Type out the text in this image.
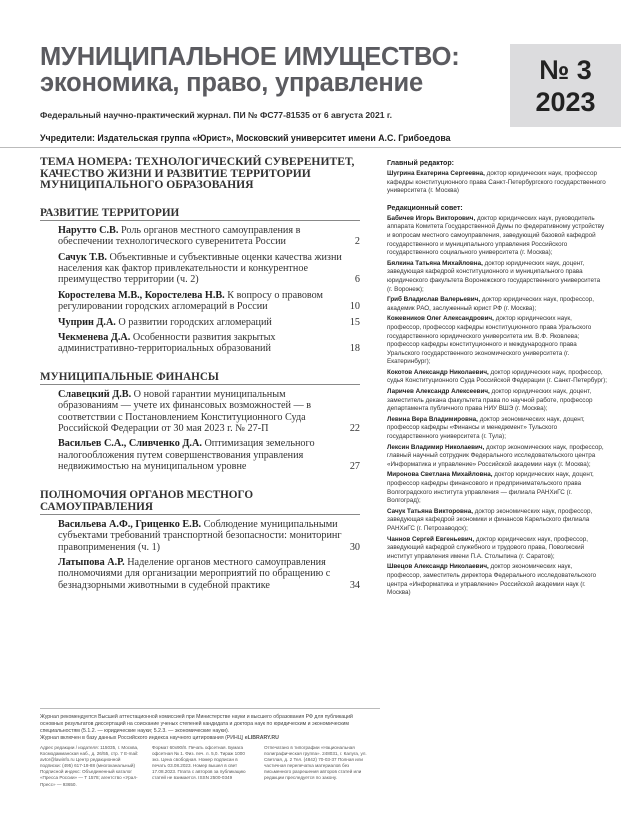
МУНИЦИПАЛЬНОЕ ИМУЩЕСТВО:
экономика, право, управление
Федеральный научно-практический журнал. ПИ № ФС77-81535 от 6 августа 2021 г.
№ 3
2023
Учредители: Издательская группа «Юрист», Московский университет имени А.С. Грибоедова
ТЕМА НОМЕРА: ТЕХНОЛОГИЧЕСКИЙ СУВЕРЕНИТЕТ, КАЧЕСТВО ЖИЗНИ И РАЗВИТИЕ ТЕРРИТОРИИ МУНИЦИПАЛЬНОГО ОБРАЗОВАНИЯ
РАЗВИТИЕ ТЕРРИТОРИИ
Нарутто С.В. Роль органов местного самоуправления в обеспечении технологического суверенитета России	2
Сачук Т.В. Объективные и субъективные оценки качества жизни населения как фактор привлекательности и конкурентное преимущество территории (ч. 2)	6
Коростелева М.В., Коростелева Н.В. К вопросу о правовом регулировании городских агломераций в России	10
Чуприн Д.А. О развитии городских агломераций	15
Чекменева Д.А. Особенности развития закрытых административно-территориальных образований	18
МУНИЦИПАЛЬНЫЕ ФИНАНСЫ
Славецкий Д.В. О новой гарантии муниципальным образованиям — учете их финансовых возможностей — в соответствии с Постановлением Конституционного Суда Российской Федерации от 30 мая 2023 г. № 27-П	22
Васильев С.А., Сливченко Д.А. Оптимизация земельного налогообложения путем совершенствования управления недвижимостью на муниципальном уровне	27
ПОЛНОМОЧИЯ ОРГАНОВ МЕСТНОГО САМОУПРАВЛЕНИЯ
Васильева А.Ф., Гриценко Е.В. Соблюдение муниципальными субъектами требований транспортной безопасности: мониторинг правоприменения (ч. 1)	30
Латыпова А.Р. Наделение органов местного самоуправления полномочиями для организации мероприятий по обращению с безнадзорными животными в судебной практике	34
Главный редактор:
Шугрина Екатерина Сергеевна, доктор юридических наук, профессор кафедры конституционного права Санкт-Петербургского государственного университета (г. Москва)
Редакционный совет:
Бабичев Игорь Викторович, доктор юридических наук, руководитель аппарата Комитета Государственной Думы по федеративному устройству и вопросам местного самоуправления, заведующий базовой кафедрой государственного и муниципального управления Российского государственного социального университета (г. Москва);
Бялкина Татьяна Михайловна, доктор юридических наук, доцент, заведующая кафедрой конституционного и муниципального права юридического факультета Воронежского государственного университета (г. Воронеж);
Гриб Владислав Валерьевич, доктор юридических наук, профессор, академик РАО, заслуженный юрист РФ (г. Москва);
Кожевников Олег Александрович, доктор юридических наук, профессор, профессор кафедры конституционного права Уральского государственного юридического университета им. В.Ф. Яковлева; профессор кафедры конституционного и международного права Уральского государственного экономического университета (г. Екатеринбург);
Кокотов Александр Николаевич, доктор юридических наук, профессор, судья Конституционного Суда Российской Федерации (г. Санкт-Петербург);
Ларичев Александр Алексеевич, доктор юридических наук, доцент, заместитель декана факультета права по научной работе, профессор департамента публичного права НИУ ВШЭ (г. Москва);
Левина Вера Владимировна, доктор экономических наук, доцент, профессор кафедры «Финансы и менеджмент» Тульского государственного университета (г. Тула);
Лексин Владимир Николаевич, доктор экономических наук, профессор, главный научный сотрудник Федерального исследовательского центра «Информатика и управление» Российской академии наук (г. Москва);
Миронова Светлана Михайловна, доктор юридических наук, доцент, профессор кафедры финансового и предпринимательского права Волгоградского института управления — филиала РАНХиГС (г. Волгоград);
Сачук Татьяна Викторовна, доктор экономических наук, профессор, заведующая кафедрой экономики и финансов Карельского филиала РАНХиГС (г. Петрозаводск);
Чаннов Сергей Евгеньевич, доктор юридических наук, профессор, заведующий кафедрой служебного и трудового права, Поволжский институт управления имени П.А. Столыпина (г. Саратов);
Швецов Александр Николаевич, доктор экономических наук, профессор, заместитель директора Федерального исследовательского центра «Информатика и управление» Российской академии наук (г. Москва)
Журнал рекомендуется Высшей аттестационной комиссией при Министерстве науки и высшего образования РФ для публикаций основных результатов диссертаций на соискание ученых степеней кандидата и доктора наук по юридическим и экономическим специальностям (5.1.2. — юридические науки; 5.2.3. — экономические науки).
Журнал включен в базу данных Российского индекса научного цитирования (РИНЦ) eLIBRARY.RU
Адрес редакции / издателя: 115035, г. Москва, Космодамианская наб., д. 26/55, стр. 7 E-mail: avtor@lawinfo.ru Центр редакционной подписки: (495) 617-18-88 (многоканальный) Подписной индекс: Объединенный каталог «Пресса России» — Т 1578; агентство «Урал-Пресс» — 93650.
Формат 60х90/8. Печать офсетная. Бумага офсетная № 1. Физ. печ. л. 5,0. Тираж 1000 экз. Цена свободная. Номер подписан в печать 03.08.2023. Номер вышел в свет 17.08.2023. Плата с авторов за публикацию статей не взимается. ISSN 2500-0349
Отпечатано в типографии «Национальная полиграфическая группа». 248031, г. Калуга, ул. Светлая, д. 2 Тел. (4842) 70-03-37 Полная или частичная перепечатка материалов без письменного разрешения авторов статей или редакции преследуется по закону.
